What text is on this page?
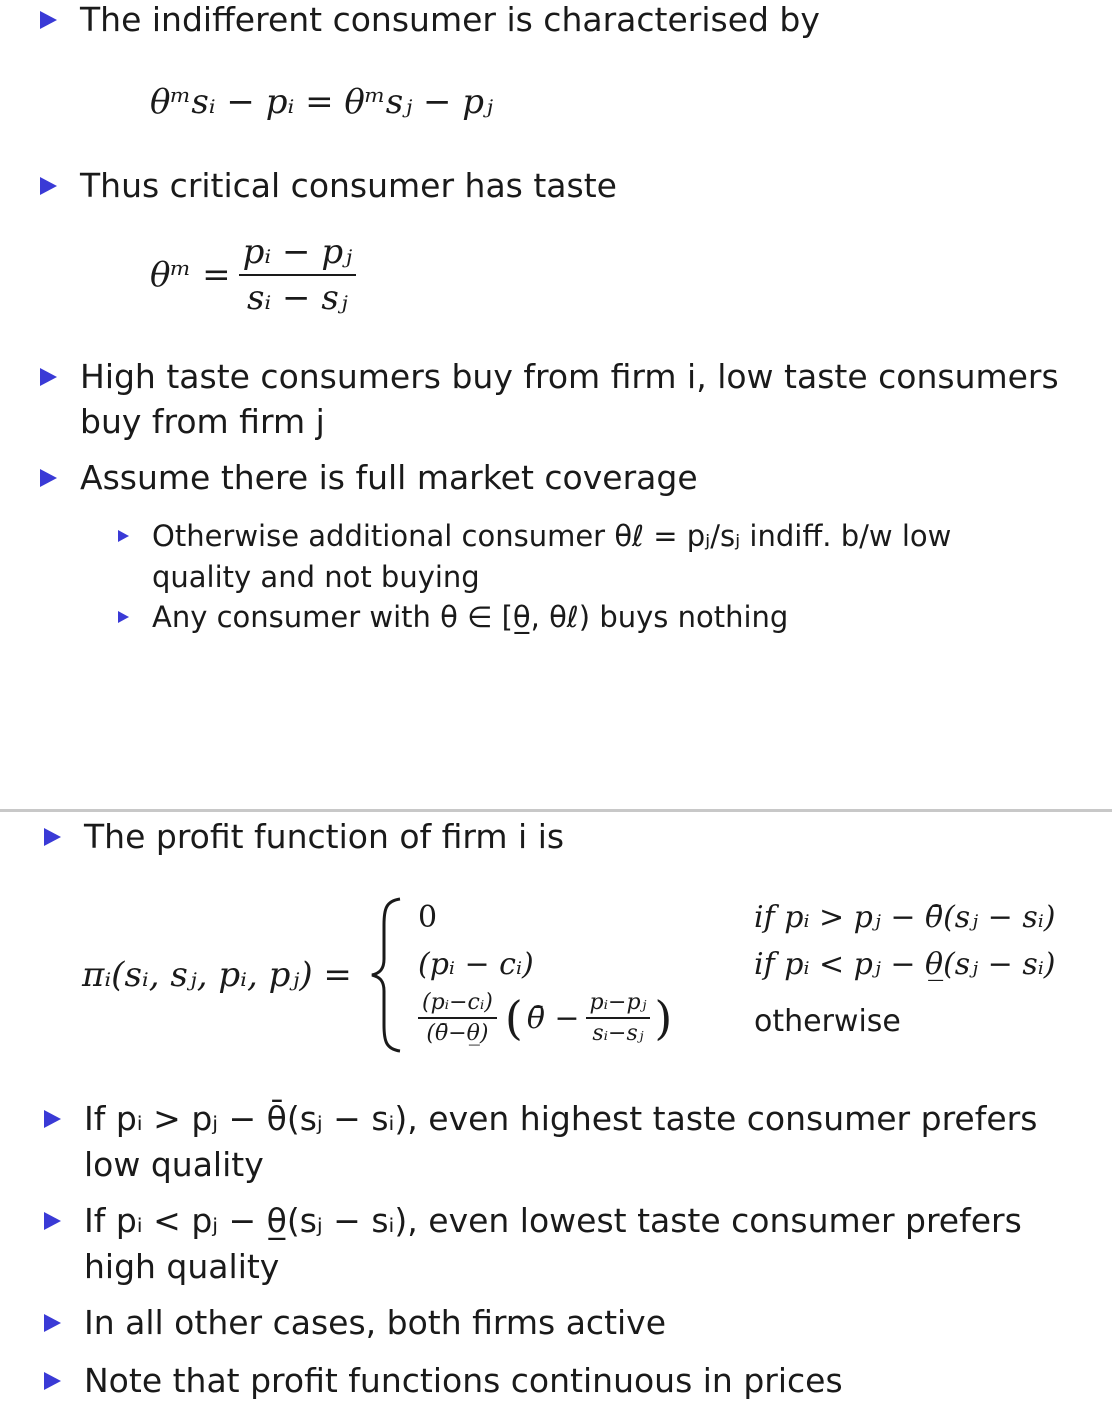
The indifferent consumer is characterised by
θᵐsᵢ − pᵢ = θᵐsⱼ − pⱼ
Thus critical consumer has taste
θᵐ = $\frac{\text{pᵢ − pⱼ}}{\text{sᵢ − sⱼ}}$
High taste consumers buy from firm i, low taste consumers
buy from firm j
Assume there is full market coverage
Otherwise additional consumer θℓ = pⱼ/sⱼ indiff. b/w low
quality and not buying
Any consumer with θ ∈ [θ̲, θℓ) buys nothing
The profit function of firm i is
πᵢ(sᵢ, sⱼ, pᵢ, pⱼ) =
0	if pᵢ > pⱼ − θ̄(sⱼ − sᵢ)
(pᵢ − cᵢ)	if pᵢ < pⱼ − θ̲(sⱼ − sᵢ)
$\frac{\text{(pᵢ−cᵢ)}}{(\thetā-\theta̲)}$ ( θ̄ − $\frac{\text{pᵢ−pⱼ}}{\text{sᵢ−sⱼ}}$ )	otherwise
If pᵢ > pⱼ − θ̄(sⱼ − sᵢ), even highest taste consumer prefers
low quality
If pᵢ < pⱼ − θ̲(sⱼ − sᵢ), even lowest taste consumer prefers
high quality
In all other cases, both firms active
Note that profit functions continuous in prices
